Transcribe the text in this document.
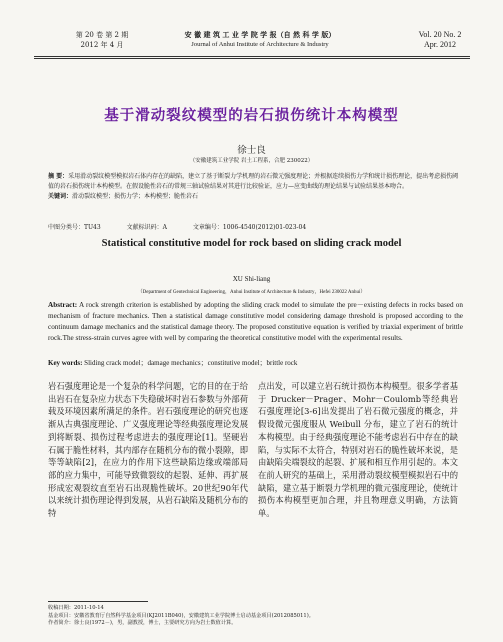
第 20 卷 第 2 期
2012 年 4 月
安 徽 建 筑 工 业 学 院 学 报（自 然 科 学 版）
Journal of Anhui Institute of Architecture & Industry
Vol. 20 No. 2
Apr. 2012
基于滑动裂纹模型的岩石损伤统计本构模型
徐士良
（安徽建筑工业学院 岩土工程系，合肥 230022）
摘 要：采用滑动裂纹模型模拟岩石体内存在的缺陷，建立了基于断裂力学机理的岩石微元强度理论；并根据连续损伤力学和统计损伤理论，提出考虑损伤阈值的岩石损伤统计本构模型。在假设脆性岩石的常规三轴试验结果对其进行比较验证，应力—应变曲线的理论结果与试验结果基本吻合。
关键词：滑动裂纹模型；损伤力学；本构模型；脆性岩石
中图分类号：TU43	文献标识码：A	文章编号：1006-4540(2012)01-023-04
Statistical constitutive model for rock based on sliding crack model
XU Shi-liang
（Department of Geotechnical Engineering，Anhui Institute of Architecture & Industry，Hefei 230022 Anhui）
Abstract: A rock strength criterion is established by adopting the sliding crack model to simulate the pre－existing defects in rocks based on mechanism of fracture mechanics. Then a statistical damage constitutive model considering damage threshold is proposed according to the continuum damage mechanics and the statistical damage theory. The proposed constitutive equation is verified by triaxial experiment of brittle rock.The stress-strain curves agree with well by comparing the theoretical constitutive model with the experimental results.
Key words: Sliding crack model；damage mechanics；constitutive model；brittle rock
岩石强度理论是一个复杂的科学问题，它的目的在于给出岩石在复杂应力状态下失稳破坏时岩石参数与外部荷载及环境因素所满足的条件。岩石强度理论的研究也逐渐从古典强度理论、广义强度理论等经典强度理论发展到将断裂、损伤过程考虑进去的强度理论[1]。坚硬岩石属于脆性材料，其内部存在随机分布的微小裂隙，即等等缺陷[2]，在应力的作用下这些缺陷边缘或端部局部的应力集中，可能导致微裂纹的起裂、延伸、再扩展形成宏观裂纹直至岩石出现脆性破坏。20世纪90年代以来统计损伤理论得到发展，从岩石缺陷及随机分布的特
点出发，可以建立岩石统计损伤本构模型。很多学者基于 Drucker－Prager、Mohr－Coulomb等经典岩石强度理论[3-6]出发提出了岩石微元强度的概念，并假设微元强度服从 Weibull 分布，建立了岩石的统计本构模型。由于经典强度理论不能考虑岩石中存在的缺陷，与实际不太符合，特别对岩石的脆性破坏来说，是由缺陷尖端裂纹的起裂、扩展和相互作用引起的。本文在前人研究的基础上，采用滑动裂纹模型模拟岩石中的缺陷，建立基于断裂力学机理的微元强度理论，使统计损伤本构模型更加合理，并且物理意义明确，方法简单。
收稿日期：2011-10-14
基金项目：安徽省教育厅自然科学基金项目(KJ2011B040)，安徽建筑工业学院博士启动基金项目(2012085011)。
作者简介：徐士良(1972－)，男，副教授，博士，主要研究方向为岩土数值计算。
